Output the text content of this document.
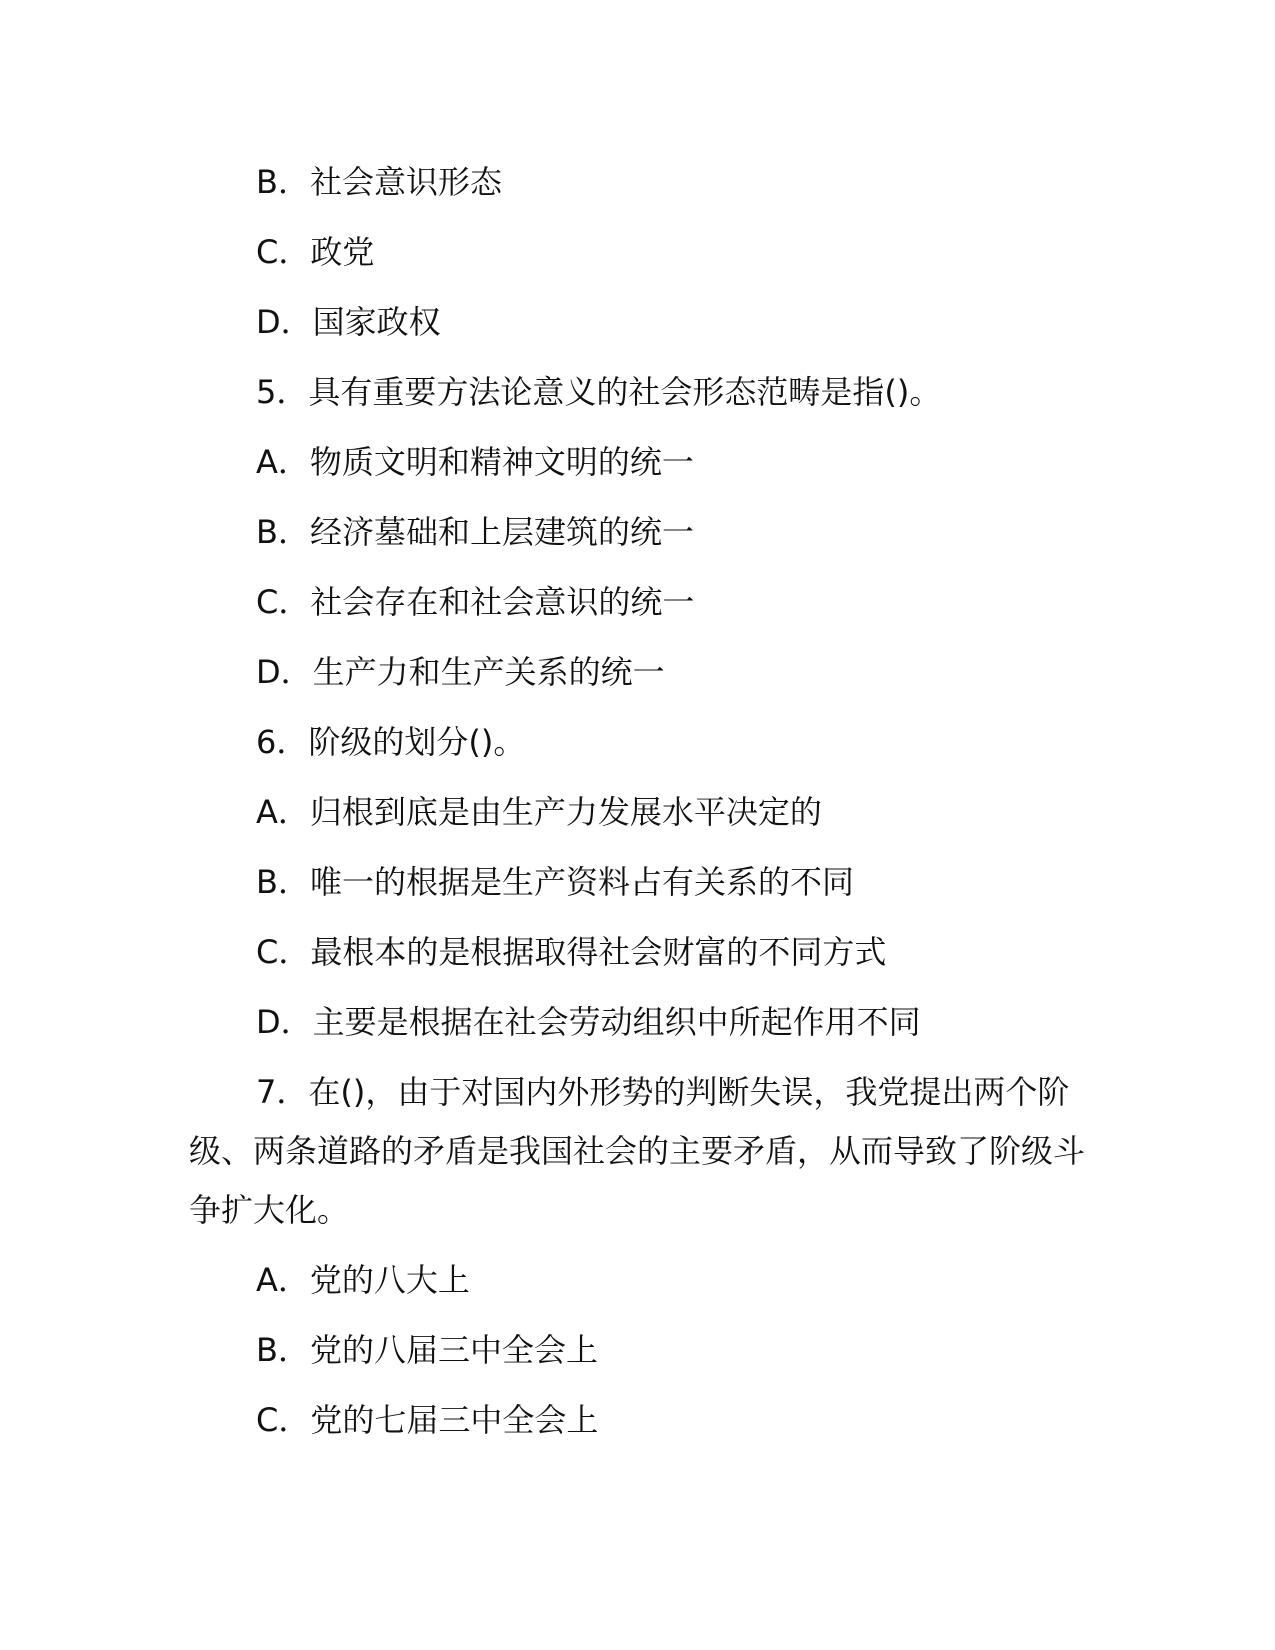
B．社会意识形态

C．政党

D．国家政权

5．具有重要方法论意义的社会形态范畴是指()。

A．物质文明和精神文明的统一

B．经济墓础和上层建筑的统一

C．社会存在和社会意识的统一

D．生产力和生产关系的统一

6．阶级的划分()。

A．归根到底是由生产力发展水平决定的

B．唯一的根据是生产资料占有关系的不同

C．最根本的是根据取得社会财富的不同方式

D．主要是根据在社会劳动组织中所起作用不同

7．在()，由于对国内外形势的判断失误，我党提出两个阶级、两条道路的矛盾是我国社会的主要矛盾，从而导致了阶级斗争扩大化。

A．党的八大上

B．党的八届三中全会上

C．党的七届三中全会上
